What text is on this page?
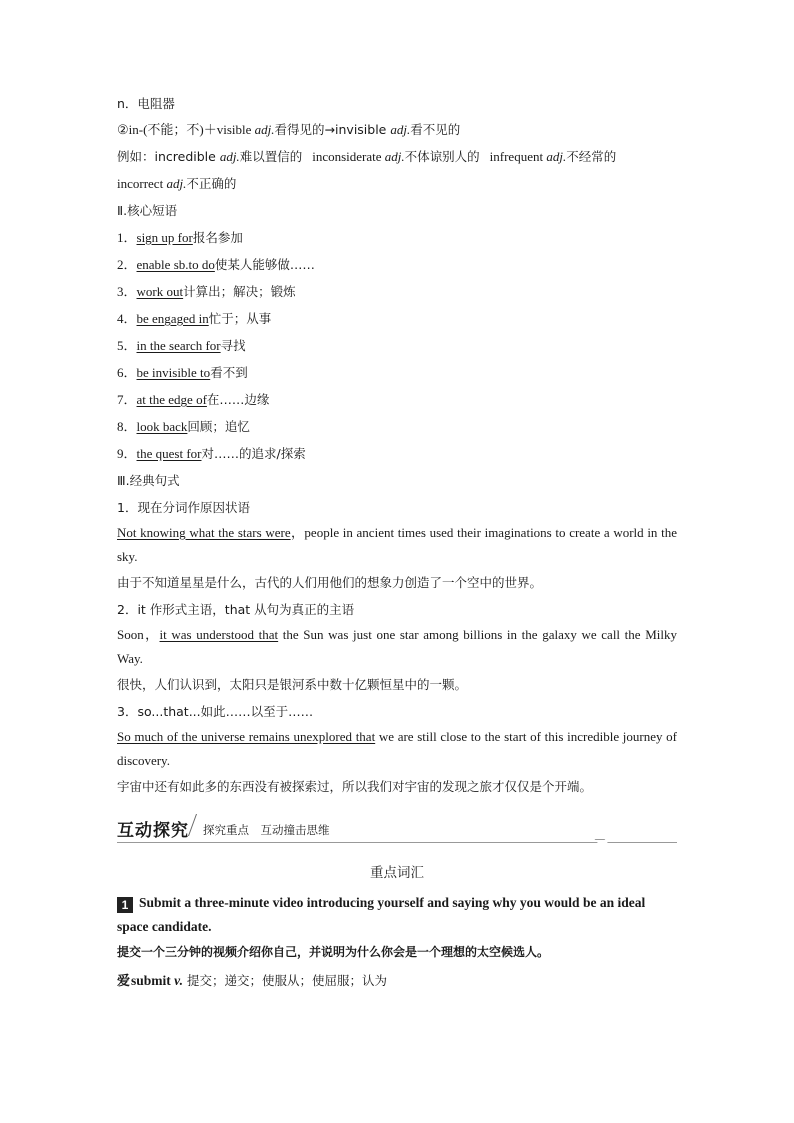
n．电阻器
②in-(不能；不)＋visible adj.看得见的→invisible adj.看不见的
例如：incredible adj.难以置信的 inconsiderate adj.不体谅别人的 infrequent adj.不经常的
incorrect adj.不正确的
Ⅱ.核心短语
1．sign up for报名参加
2．enable sb.to do使某人能够做……
3．work out计算出；解决；锻炼
4．be engaged in忙于；从事
5．in the search for寻找
6．be invisible to看不到
7．at the edge of在……边缘
8．look back回顾；追忆
9．the quest for对……的追求/探索
Ⅲ.经典句式
1．现在分词作原因状语
Not knowing what the stars were，people in ancient times used their imaginations to create a world in the sky.
由于不知道星星是什么，古代的人们用他们的想象力创造了一个空中的世界。
2．it 作形式主语，that 从句为真正的主语
Soon，it was understood that the Sun was just one star among billions in the galaxy we call the Milky Way.
很快，人们认识到，太阳只是银河系中数十亿颗恒星中的一颗。
3．so...that...如此……以至于……
So much of the universe remains unexplored that we are still close to the start of this incredible journey of discovery.
宇宙中还有如此多的东西没有被探索过，所以我们对宇宙的发现之旅才仅仅是个开端。
互动探究 探究重点　互动撞击思维
重点词汇
1 Submit a three-minute video introducing yourself and saying why you would be an ideal space candidate.
提交一个三分钟的视频介绍你自己，并说明为什么你会是一个理想的太空候选人。
爱 submit v. 提交；递交；使服从；使屈服；认为
